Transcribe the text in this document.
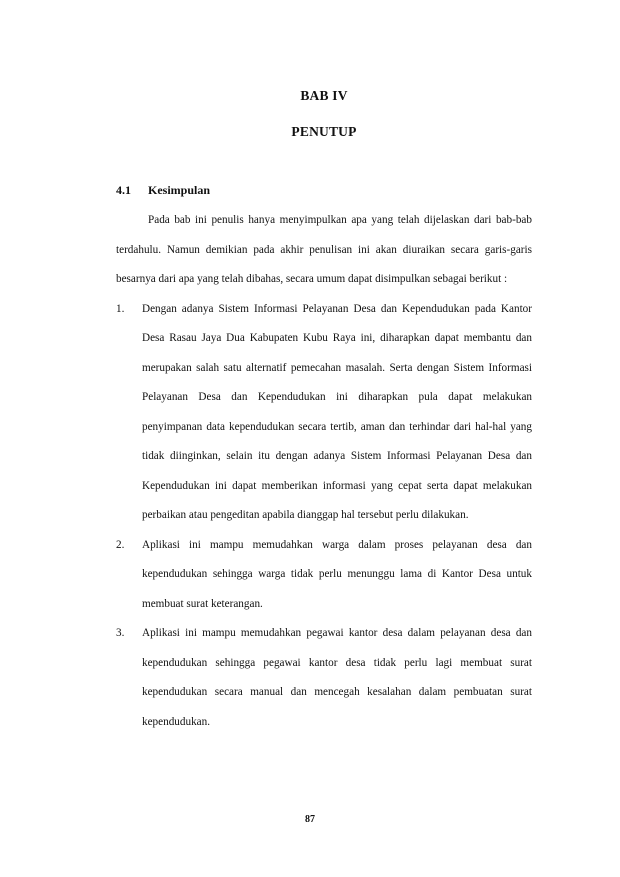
BAB IV
PENUTUP
4.1 Kesimpulan

Pada bab ini penulis hanya menyimpulkan apa yang telah dijelaskan dari bab-bab terdahulu. Namun demikian pada akhir penulisan ini akan diuraikan secara garis-garis besarnya dari apa yang telah dibahas, secara umum dapat disimpulkan sebagai berikut :

1. Dengan adanya Sistem Informasi Pelayanan Desa dan Kependudukan pada Kantor Desa Rasau Jaya Dua Kabupaten Kubu Raya ini, diharapkan dapat membantu dan merupakan salah satu alternatif pemecahan masalah. Serta dengan Sistem Informasi Pelayanan Desa dan Kependudukan ini diharapkan pula dapat melakukan penyimpanan data kependudukan secara tertib, aman dan terhindar dari hal-hal yang tidak diinginkan, selain itu dengan adanya Sistem Informasi Pelayanan Desa dan Kependudukan ini dapat memberikan informasi yang cepat serta dapat melakukan perbaikan atau pengeditan apabila dianggap hal tersebut perlu dilakukan.
2. Aplikasi ini mampu memudahkan warga dalam proses pelayanan desa dan kependudukan sehingga warga tidak perlu menunggu lama di Kantor Desa untuk membuat surat keterangan.
3. Aplikasi ini mampu memudahkan pegawai kantor desa dalam pelayanan desa dan kependudukan sehingga pegawai kantor desa tidak perlu lagi membuat surat kependudukan secara manual dan mencegah kesalahan dalam pembuatan surat kependudukan.
87
